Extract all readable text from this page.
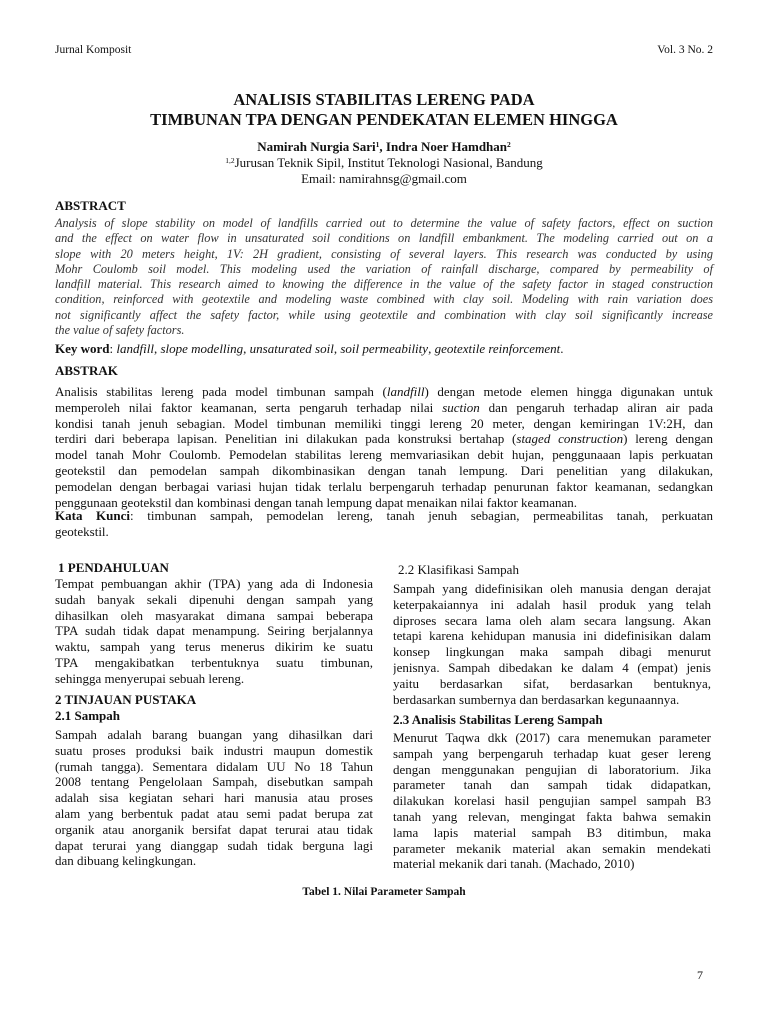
Jurnal Komposit	Vol. 3 No. 2
ANALISIS STABILITAS LERENG PADA
TIMBUNAN TPA DENGAN PENDEKATAN ELEMEN HINGGA
Namirah Nurgia Sari$^1$, Indra Noer Hamdhan$^2$
$^{1,2}$Jurusan Teknik Sipil, Institut Teknologi Nasional, Bandung
Email: namirahnsg@gmail.com
ABSTRACT
Analysis of slope stability on model of landfills carried out to determine the value of safety factors, effect on suction
and the effect on water flow in unsaturated soil conditions on landfill embankment. The modeling carried out on a
slope with 20 meters height, 1V: 2H gradient, consisting of several layers. This research was conducted by using
Mohr Coulomb soil model. This modeling used the variation of rainfall discharge, compared by permeability of
landfill material. This research aimed to knowing the difference in the value of the safety factor in staged construction
condition, reinforced with geotextile and modeling waste combined with clay soil. Modeling with rain variation does
not significantly affect the safety factor, while using geotextile and combination with clay soil significantly increase
the value of safety factors.
Key word: landfill, slope modelling, unsaturated soil, soil permeability, geotextile reinforcement.
ABSTRAK
Analisis stabilitas lereng pada model timbunan sampah (landfill) dengan metode elemen hingga digunakan untuk
memperoleh nilai faktor keamanan, serta pengaruh terhadap nilai suction dan pengaruh terhadap aliran air pada
kondisi tanah jenuh sebagian. Model timbunan memiliki tinggi lereng 20 meter, dengan kemiringan 1V:2H, dan
terdiri dari beberapa lapisan. Penelitian ini dilakukan pada konstruksi bertahap (staged construction) lereng dengan
model tanah Mohr Coulomb. Pemodelan stabilitas lereng memvariasikan debit hujan, penggunaaan lapis perkuatan
geotekstil dan pemodelan sampah dikombinasikan dengan tanah lempung. Dari penelitian yang dilakukan,
pemodelan dengan berbagai variasi hujan tidak terlalu berpengaruh terhadap penurunan faktor keamanan, sedangkan
penggunaan geotekstil dan kombinasi dengan tanah lempung dapat menaikan nilai faktor keamanan.
Kata Kunci: timbunan sampah, pemodelan lereng, tanah jenuh sebagian, permeabilitas tanah, perkuatan
geotekstil.
1 PENDAHULUAN
Tempat pembuangan akhir (TPA) yang ada di Indonesia
sudah banyak sekali dipenuhi dengan sampah yang
dihasilkan oleh masyarakat dimana sampai beberapa
TPA sudah tidak dapat menampung. Seiring berjalannya
waktu, sampah yang terus menerus dikirim ke suatu
TPA mengakibatkan terbentuknya suatu timbunan,
sehingga menyerupai sebuah lereng.
2 TINJAUAN PUSTAKA
2.1 Sampah
Sampah adalah barang buangan yang dihasilkan dari
suatu proses produksi baik industri maupun domestik
(rumah tangga). Sementara didalam UU No 18 Tahun
2008 tentang Pengelolaan Sampah, disebutkan sampah
adalah sisa kegiatan sehari hari manusia atau proses
alam yang berbentuk padat atau semi padat berupa zat
organik atau anorganik bersifat dapat terurai atau tidak
dapat terurai yang dianggap sudah tidak berguna lagi
dan dibuang kelingkungan.
2.2 Klasifikasi Sampah
Sampah yang didefinisikan oleh manusia dengan derajat
keterpakaiannya ini adalah hasil produk yang telah
diproses secara lama oleh alam secara langsung. Akan
tetapi karena kehidupan manusia ini didefinisikan dalam
konsep lingkungan maka sampah dibagi menurut
jenisnya. Sampah dibedakan ke dalam 4 (empat) jenis
yaitu berdasarkan sifat, berdasarkan bentuknya,
berdasarkan sumbernya dan berdasarkan kegunaannya.
2.3 Analisis Stabilitas Lereng Sampah
Menurut Taqwa dkk (2017) cara menemukan parameter
sampah yang berpengaruh terhadap kuat geser lereng
dengan menggunakan pengujian di laboratorium. Jika
parameter tanah dan sampah tidak didapatkan,
dilakukan korelasi hasil pengujian sampel sampah B3
tanah yang relevan, mengingat fakta bahwa semakin
lama lapis material sampah B3 ditimbun, maka
parameter mekanik material akan semakin mendekati
material mekanik dari tanah. (Machado, 2010)
Tabel 1. Nilai Parameter Sampah
7
